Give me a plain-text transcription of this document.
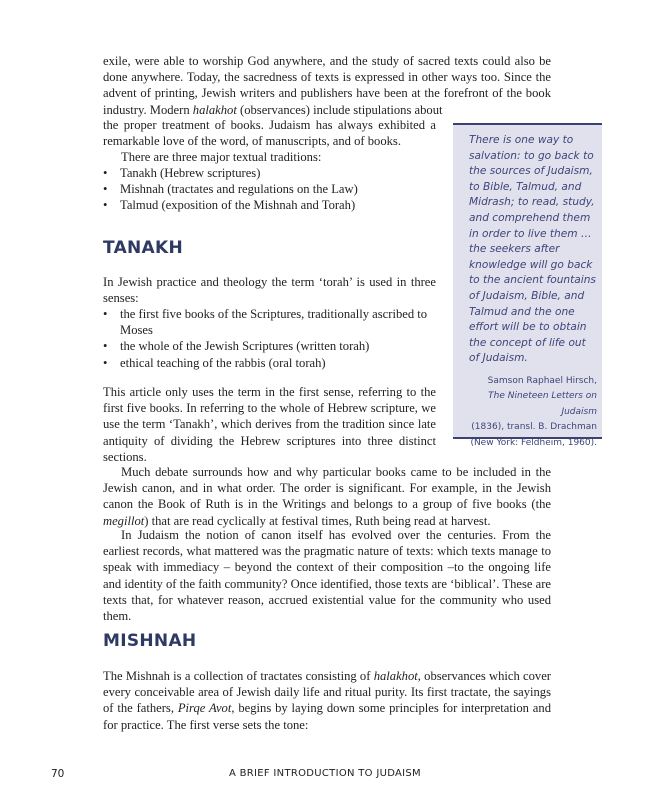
exile, were able to worship God anywhere, and the study of sacred texts could also be done anywhere. Today, the sacredness of texts is expressed in other ways too. Since the advent of printing, Jewish writers and publishers have been at the forefront of the book industry. Modern halakhot (observances) include stipulations about

the proper treatment of books. Judaism has always exhibited a remarkable love of the word, of manuscripts, and of books.

There are three major textual traditions:

• Tanakh (Hebrew scriptures)
• Mishnah (tractates and regulations on the Law)
• Talmud (exposition of the Mishnah and Torah)
TANAKH

In Jewish practice and theology the term ‘torah’ is used in three senses:

• the first five books of the Scriptures, traditionally ascribed to Moses
• the whole of the Jewish Scriptures (written torah)
• ethical teaching of the rabbis (oral torah)

This article only uses the term in the first sense, referring to the first five books. In referring to the whole of Hebrew scripture, we use the term ‘Tanakh’, which derives from the tradition since late antiquity of dividing the Hebrew scriptures into three distinct sections.

Much debate surrounds how and why particular books came to be included in the Jewish canon, and in what order. The order is significant. For example, in the Jewish canon the Book of Ruth is in the Writings and belongs to a group of five books (the megillot) that are read cyclically at festival times, Ruth being read at harvest.

In Judaism the notion of canon itself has evolved over the centuries. From the earliest records, what mattered was the pragmatic nature of texts: which texts manage to speak with immediacy – beyond the context of their composition –to the ongoing life and identity of the faith community? Once identified, those texts are ‘biblical’. These are texts that, for whatever reason, accrued existential value for the community who used them.

MISHNAH

The Mishnah is a collection of tractates consisting of halakhot, observances which cover every conceivable area of Jewish daily life and ritual purity. Its first tractate, the sayings of the fathers, Pirqe Avot, begins by laying down some principles for interpretation and for practice. The first verse sets the tone:

There is one way to salvation: to go back to the sources of Judaism, to Bible, Talmud, and Midrash; to read, study, and comprehend them in order to live them … the seekers after knowledge will go back to the ancient fountains of Judaism, Bible, and Talmud and the one effort will be to obtain the concept of life out of Judaism.

Samson Raphael Hirsch,
The Nineteen Letters on Judaism
(1836), transl. B. Drachman (New York: Feldheim, 1960).
70	A BRIEF INTRODUCTION TO JUDAISM
